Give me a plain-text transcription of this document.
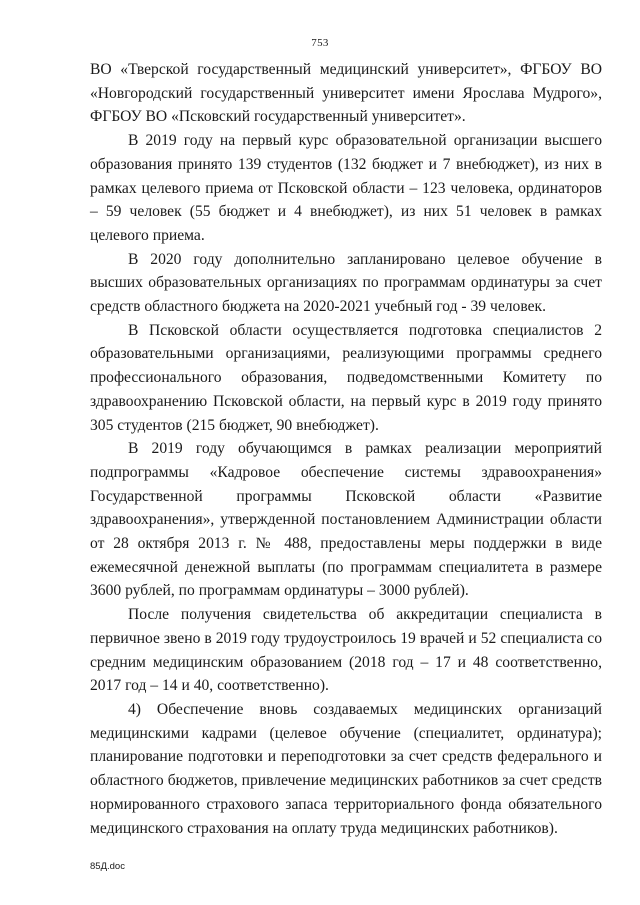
753

ВО «Тверской государственный медицинский университет», ФГБОУ ВО «Новгородский государственный университет имени Ярослава Мудрого», ФГБОУ ВО «Псковский государственный университет».

В 2019 году на первый курс образовательной организации высшего образования принято 139 студентов (132 бюджет и 7 внебюджет), из них в рамках целевого приема от Псковской области – 123 человека, ординаторов – 59 человек (55 бюджет и 4 внебюджет), из них 51 человек в рамках целевого приема.

В 2020 году дополнительно запланировано целевое обучение в высших образовательных организациях по программам ординатуры за счет средств областного бюджета на 2020-2021 учебный год - 39 человек.

В Псковской области осуществляется подготовка специалистов 2 образовательными организациями, реализующими программы среднего профессионального образования, подведомственными Комитету по здравоохранению Псковской области, на первый курс в 2019 году принято 305 студентов (215 бюджет, 90 внебюджет).

В 2019 году обучающимся в рамках реализации мероприятий подпрограммы «Кадровое обеспечение системы здравоохранения» Государственной программы Псковской области «Развитие здравоохранения», утвержденной постановлением Администрации области от 28 октября 2013 г. № 488, предоставлены меры поддержки в виде ежемесячной денежной выплаты (по программам специалитета в размере 3600 рублей, по программам ординатуры – 3000 рублей).

После получения свидетельства об аккредитации специалиста в первичное звено в 2019 году трудоустроилось 19 врачей и 52 специалиста со средним медицинским образованием (2018 год – 17 и 48 соответственно, 2017 год – 14 и 40, соответственно).

4) Обеспечение вновь создаваемых медицинских организаций медицинскими кадрами (целевое обучение (специалитет, ординатура); планирование подготовки и переподготовки за счет средств федерального и областного бюджетов, привлечение медицинских работников за счет средств нормированного страхового запаса территориального фонда обязательного медицинского страхования на оплату труда медицинских работников).

85Д.doc
